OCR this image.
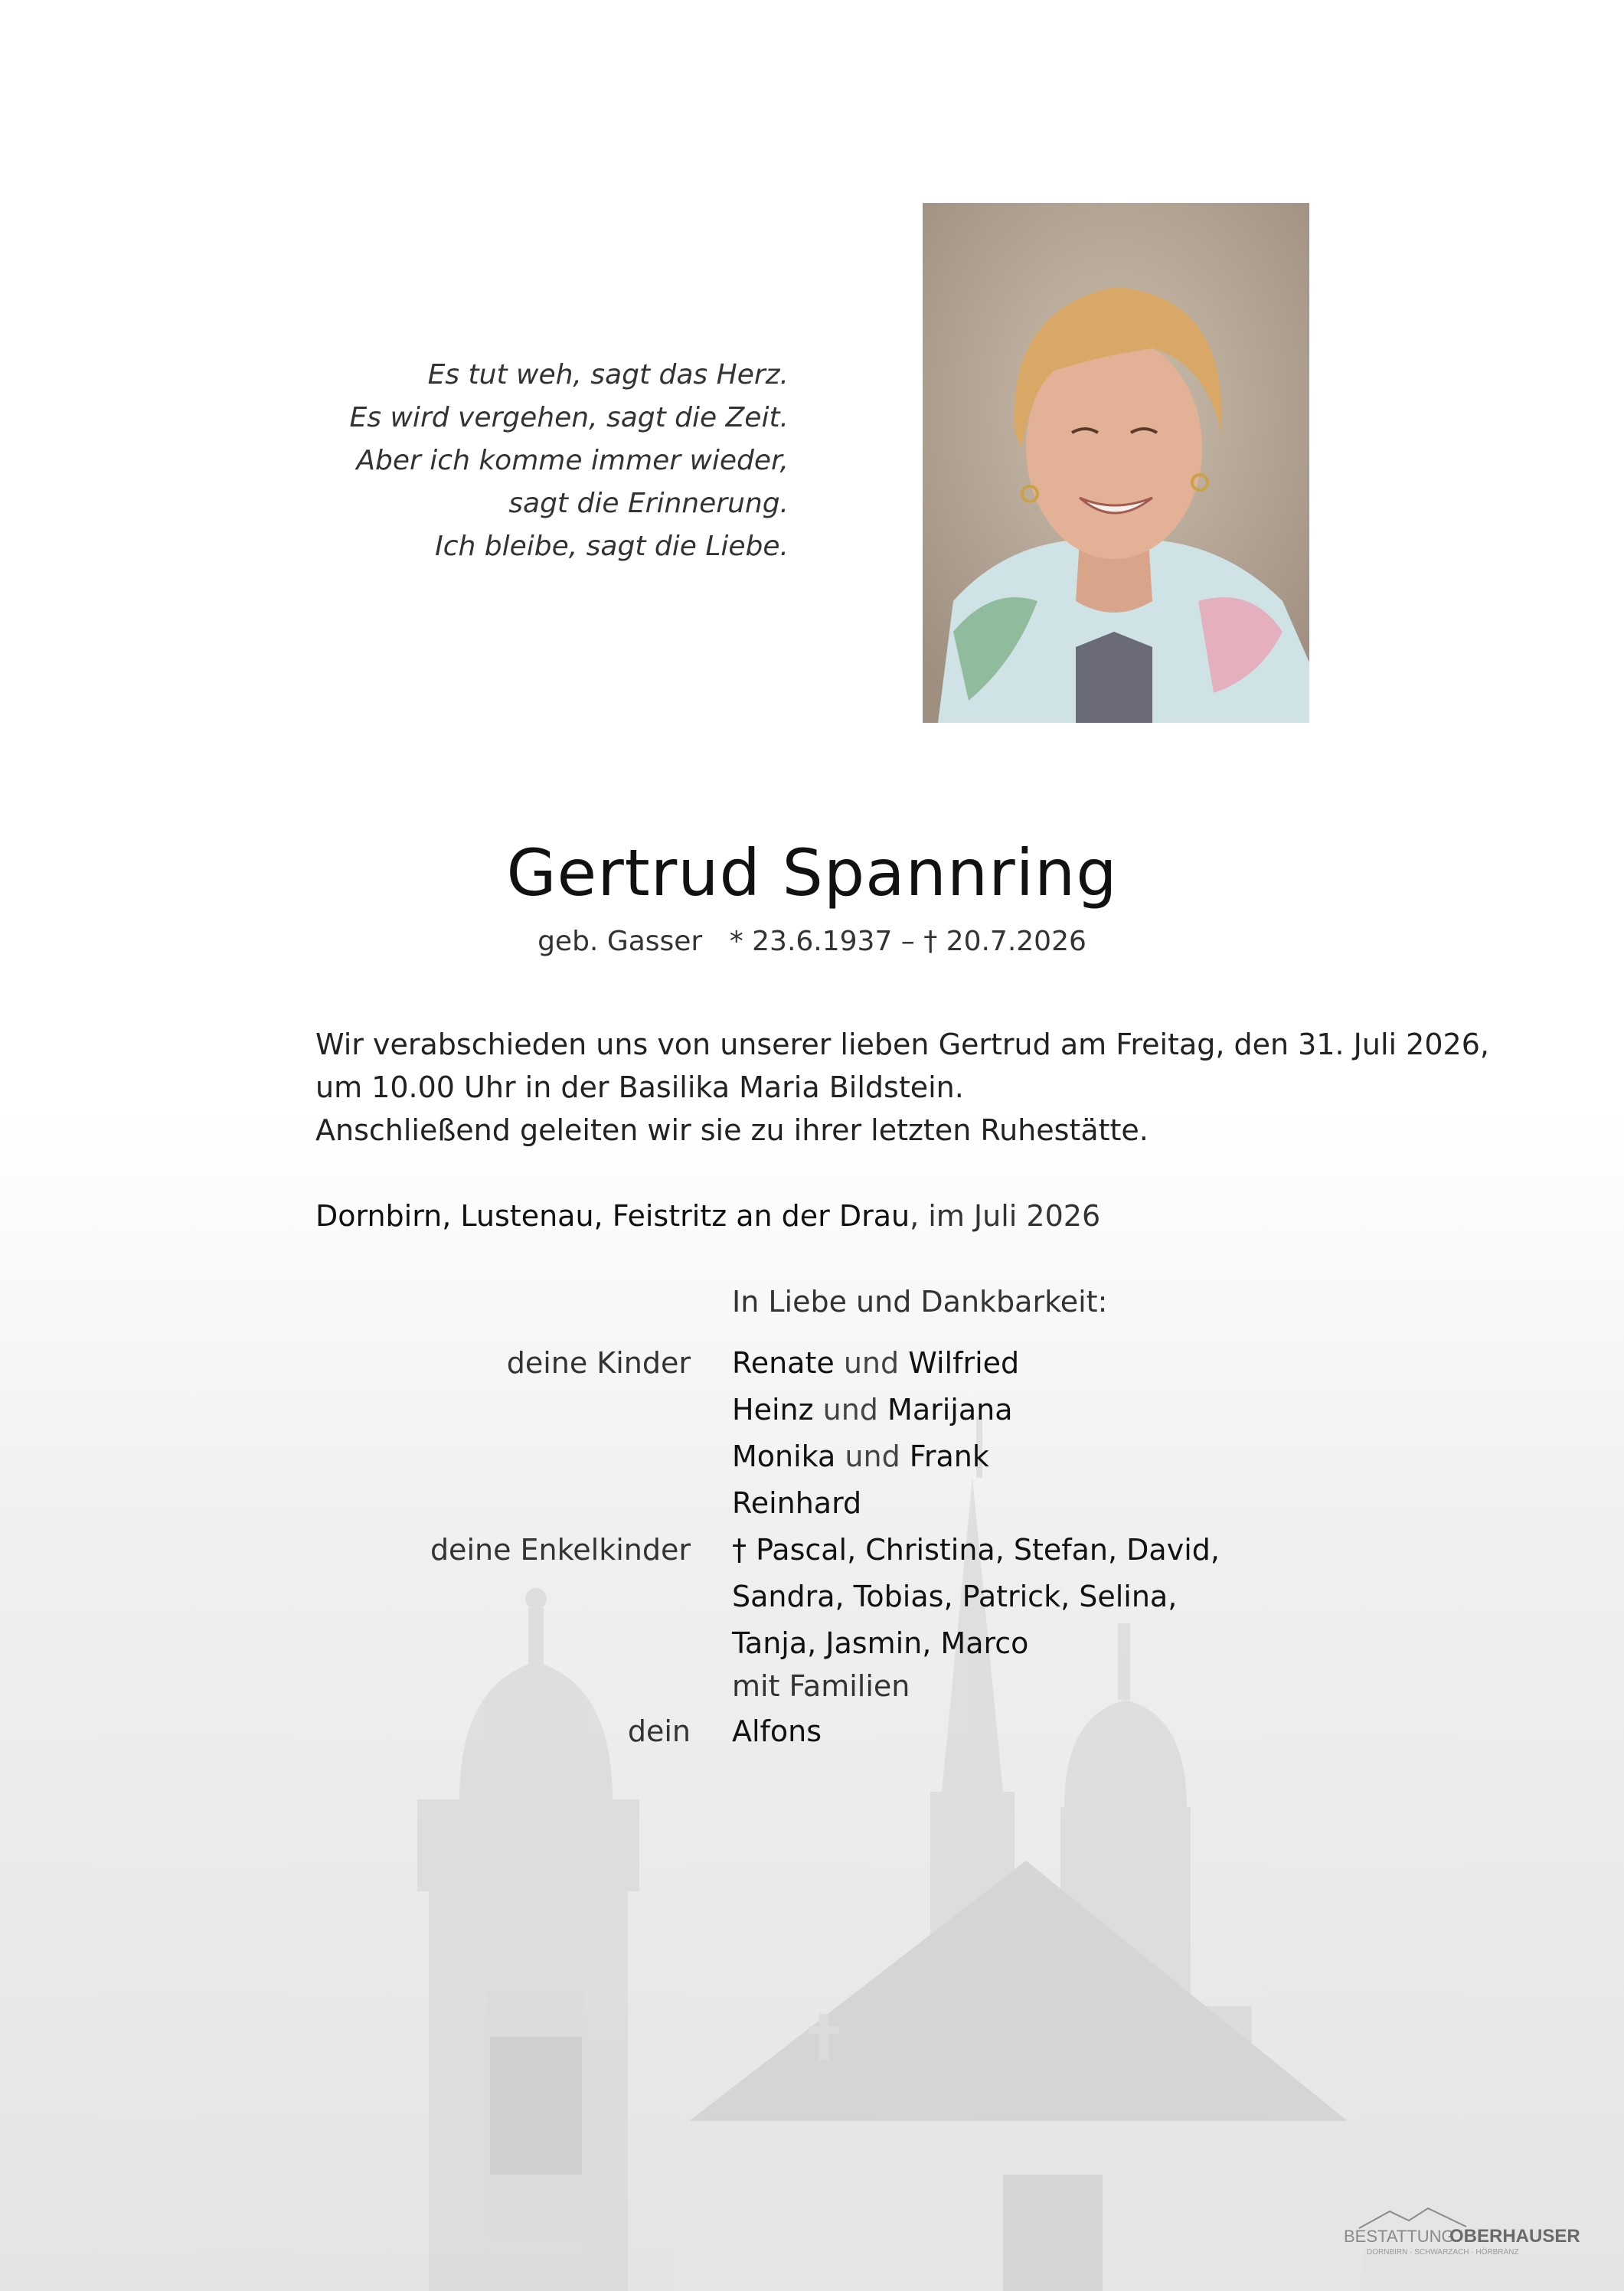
Es tut weh, sagt das Herz.
Es wird vergehen, sagt die Zeit.
Aber ich komme immer wieder,
sagt die Erinnerung.
Ich bleibe, sagt die Liebe.
Gertrud Spannring
geb. Gasser * 23.6.1937 – † 20.7.2026
Wir verabschieden uns von unserer lieben Gertrud am Freitag, den 31. Juli 2026,
um 10.00 Uhr in der Basilika Maria Bildstein.
Anschließend geleiten wir sie zu ihrer letzten Ruhestätte.
Dornbirn, Lustenau, Feistritz an der Drau, im Juli 2026
In Liebe und Dankbarkeit:
deine Kinder Renate und Wilfried
Heinz und Marijana
Monika und Frank
Reinhard
deine Enkelkinder † Pascal, Christina, Stefan, David,
Sandra, Tobias, Patrick, Selina,
Tanja, Jasmin, Marco
mit Familien
dein Alfons
BESTATTUNG
OBERHAUSER
DORNBIRN · SCHWARZACH · HÖRBRANZ
